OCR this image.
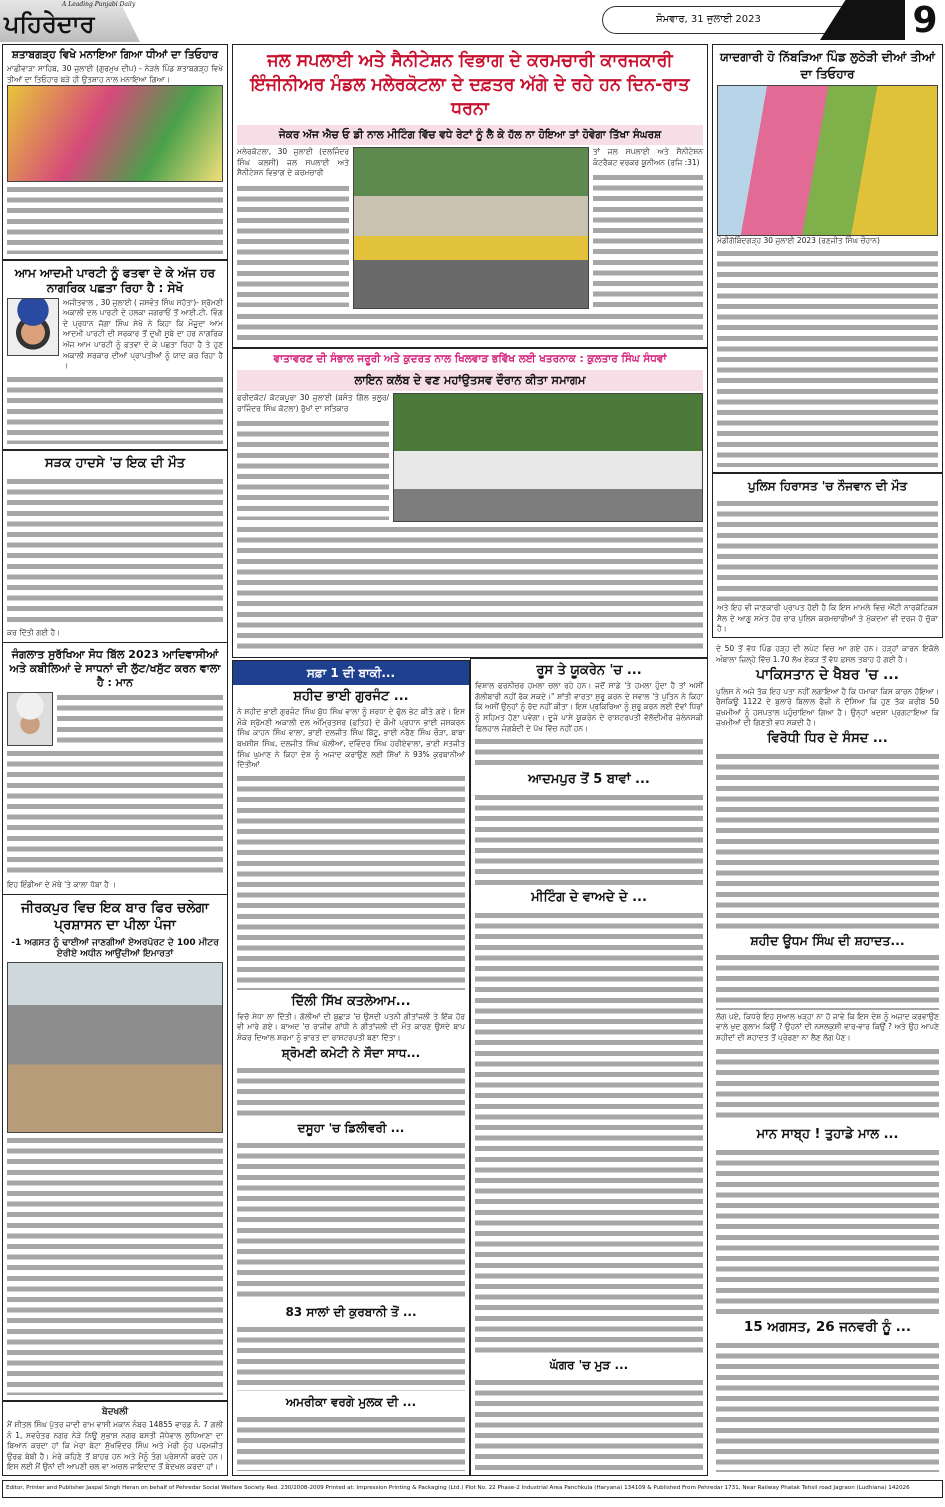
A Leading Punjabi Daily
ਪਹਿਰੇਦਾਰ	ਸੋਮਵਾਰ, 31 ਜੁਲਾਈ 2023	9
ਸ਼ਤਾਬਗੜ੍ਹ ਵਿਖੇ ਮਨਾਇਆ ਗਿਆ ਧੀਆਂ ਦਾ ਤਿਓਹਾਰ
ਮਾਛੀਵਾੜਾ ਸਾਹਿਬ, 30 ਜੁਲਾਈ (ਗੁਰਮੁਖ ਦੀਪ) - ਨੇੜਲੇ ਪਿੰਡ ਸ਼ਤਾਬਗੜ੍ਹ ਵਿਖੇ ਤੀਆਂ ਦਾ ਤਿਓਹਾਰ ਬੜੇ ਹੀ ਉਤਸ਼ਾਹ ਨਾਲ ਮਨਾਇਆ ਗਿਆ।
ਆਮ ਆਦਮੀ ਪਾਰਟੀ ਨੂੰ ਫਤਵਾ ਦੇ ਕੇ ਅੱਜ ਹਰ ਨਾਗਰਿਕ ਪਛਤਾ ਰਿਹਾ ਹੈ : ਸੇਖੋ
ਅਜੀਤਵਾਲ , 30 ਜੁਲਾਈ ( ਜਸਵੰਤ ਸਿੰਘ ਸਹੋਤਾ)- ਸ਼੍ਰੋਮਣੀ ਅਕਾਲੀ ਦਲ ਪਾਰਟੀ ਦੇ ਹਲਕਾ ਜਗਰਾਓਂ ਤੋਂ ਆਈ.ਟੀ. ਵਿੰਗ ਦੇ ਪ੍ਰਧਾਨ ਜੱਗਾ ਸਿੰਘ ਸੇਖੋ ਨੇ ਕਿਹਾ ਕਿ ਮੌਜੂਦਾ ਆਮ ਆਦਮੀ ਪਾਰਟੀ ਦੀ ਸਰਕਾਰ ਤੋਂ ਦੁਖੀ ਸੂਬੇ ਦਾ ਹਰ ਨਾਗਰਿਕ ਅੱਜ ਆਮ ਪਾਰਟੀ ਨੂੰ ਫਤਵਾ ਦੇ ਕੇ ਪਛਤਾ ਰਿਹਾ ਹੈ ਤੇ ਹੁਣ ਅਕਾਲੀ ਸਰਕਾਰ ਦੀਆਂ ਪ੍ਰਾਪਤੀਆਂ ਨੂੰ ਯਾਦ ਕਰ ਰਿਹਾ ਹੈ ।
ਸੜਕ ਹਾਦਸੇ 'ਚ ਇਕ ਦੀ ਮੌਤ
ਕਰ ਦਿੱਤੀ ਗਈ ਹੈ।
ਜੰਗਲਾਤ ਸੁਰੱਖਿਆ ਸੋਧ ਬਿੱਲ 2023 ਆਦਿਵਾਸੀਆਂ ਅਤੇ ਕਬੀਲਿਆਂ ਦੇ ਸਾਧਨਾਂ ਦੀ ਲੁੱਟ/ਖਸੁੱਟ ਕਰਨ ਵਾਲਾ ਹੈ : ਮਾਨ
ਇਹ ਇੰਡੀਆ ਦੇ ਮੱਥੇ 'ਤੇ ਕਾਲਾ ਧੱਬਾ ਹੈ ।
ਜੀਰਕਪੁਰ ਵਿਚ ਇਕ ਬਾਰ ਫਿਰ ਚਲੇਗਾ ਪ੍ਰਸ਼ਾਸਨ ਦਾ ਪੀਲਾ ਪੰਜਾ
-1 ਅਗਸਤ ਨੂੰ ਢਾਈਆਂ ਜਾਣਗੀਆਂ ਏਅਰਪੋਰਟ ਦੇ 100 ਮੀਟਰ ਏਰੀਏ ਅਧੀਨ ਆਉਂਦੀਆਂ ਇਮਾਰਤਾਂ
ਬੇਦਖਲੀ
ਮੈਂ ਸ਼ੀਤਲ ਸਿੰਘ ਪੁੱਤਰ ਜਾਦੀ ਰਾਮ ਵਾਸੀ ਮਕਾਨ ਨੰਬਰ 14855 ਵਾਰਡ ਨੰ. 7 ਗਲੀ ਨੰ 1, ਸਵਰੰਤਰ ਨਗਰ ਨੇੜੇ ਨਿਊ ਸੁਭਾਸ਼ ਨਗਰ ਬਸਤੀ ਜੋਧੇਵਾਲ ਲੁਧਿਆਣਾ ਦਾ ਬਿਆਨ ਕਰਦਾ ਹਾਂ ਕਿ ਮੇਰਾ ਬੇਟਾ ਸੁੱਖਵਿੰਦਰ ਸਿੰਘ ਅਤੇ ਮੇਰੀ ਨੂੰਹ ਪਰਮਜੀਤ ਉਰਫ ਬੇਬੀ ਹੈ। ਮੇਰੇ ਕਹਿਣੇ ਤੋਂ ਬਾਹਰ ਹਨ ਅਤੇ ਮੈਨੂੰ ਤੰਗ ਪ੍ਰੇਸ਼ਾਨੀ ਕਰਦੇ ਹਨ। ਇਸ ਲਈ ਮੈਂ ਉਨਾਂ ਦੀ ਆਪਣੀ ਚਲ ਵਾ ਅਚਲ ਜਾਇਦਾਦ ਤੋਂ ਬੇਦਖਲ ਕਰਦਾ ਹਾਂ।
ਜਲ ਸਪਲਾਈ ਅਤੇ ਸੈਨੀਟੇਸ਼ਨ ਵਿਭਾਗ ਦੇ ਕਰਮਚਾਰੀ ਕਾਰਜਕਾਰੀ ਇੰਜੀਨੀਅਰ ਮੰਡਲ ਮਲੇਰਕੋਟਲਾ ਦੇ ਦਫ਼ਤਰ ਅੱਗੇ ਦੇ ਰਹੇ ਹਨ ਦਿਨ-ਰਾਤ ਧਰਨਾ
ਜੇਕਰ ਅੱਜ ਐਚ ਓ ਡੀ ਨਾਲ ਮੀਟਿੰਗ ਵਿੱਚ ਵਧੇ ਰੇਟਾਂ ਨੂੰ ਲੈ ਕੇ ਹੱਲ ਨਾ ਹੋਇਆ ਤਾਂ ਹੋਵੇਗਾ ਤਿੱਖਾ ਸੰਘਰਸ਼
ਮਲੇਰਕੋਟਲਾ, 30 ਜੁਲਾਈ (ਦਲਜਿੰਦਰ ਸਿੰਘ ਕਲਸੀ) ਜਲ ਸਪਲਾਈ ਅਤੇ ਸੈਨੀਟੇਸ਼ਨ ਵਿਭਾਗ ਦੇ ਕਰਮਚਾਰੀ
ਤਾਂ ਜਲ ਸਪਲਾਈ ਅਤੇ ਸੈਨੀਟੇਸ਼ਨ ਕੰਟਰੈਕਟ ਵਰਕਰ ਯੂਨੀਅਨ (ਰਜਿ :31)
ਵਾਤਾਵਰਣ ਦੀ ਸੰਭਾਲ ਜਰੂਰੀ ਅਤੇ ਕੁਦਰਤ ਨਾਲ ਖਿਲਵਾੜ ਭਵਿੱਖ ਲਈ ਖਤਰਨਾਕ : ਕੁਲਤਾਰ ਸਿੰਘ ਸੰਧਵਾਂ
ਲਾਇਨ ਕਲੱਬ ਦੇ ਵਣ ਮਹਾਂਉਤਸਵ ਦੌਰਾਨ ਕੀਤਾ ਸਮਾਗਮ
ਫਰੀਦਕੋਟ/ ਕੋਟਕਪੂਰਾ 30 ਜੁਲਾਈ (ਬਸੰਤ ਗਿੱਲ ਭਲੂਰ/ਰਾਜਿੰਦਰ ਸਿੰਘ ਕੋਟਲਾ) ਰੁੱਖਾਂ ਦਾ ਸਤਿਕਾਰ
ਸਫ਼ਾ 1 ਦੀ ਬਾਕੀ...
ਸ਼ਹੀਦ ਭਾਈ ਗੁਰਜੰਟ ...
ਨੇ ਸ਼ਹੀਦ ਭਾਈ ਗੁਰਜੰਟ ਸਿੰਘ ਬੁੱਧ ਸਿੰਘ ਵਾਲਾ ਨੂੰ ਸ਼ਰਧਾ ਦੇ ਫੁੱਲ ਭੇਟ ਕੀਤੇ ਗਏ। ਇਸ ਮੌਕੇ ਸ਼੍ਰੋਮਣੀ ਅਕਾਲੀ ਦਲ ਅੰਮ੍ਰਿਤਸਰ (ਫਤਿਹ) ਦੇ ਕੌਮੀ ਪ੍ਰਧਾਨ ਭਾਈ ਜਸਕਰਨ ਸਿੰਘ ਕਾਹਨ ਸਿੰਘ ਵਾਲਾ, ਭਾਈ ਦਲਜੀਤ ਸਿੰਘ ਬਿੱਟੂ, ਭਾਈ ਨਰੈਣ ਸਿੰਘ ਚੌੜਾ, ਬਾਬਾ ਬਖਸ਼ੀਸ਼ ਸਿੰਘ, ਦਲਜੀਤ ਸਿੰਘ ਘੋਲੀਆ, ਦਵਿੰਦਰ ਸਿੰਘ ਹਰੀਏਵਾਲਾ, ਭਾਈ ਸਤਜੀਤ ਸਿੰਘ ਘੁਮਾਣ ਨੇ ਕਿਹਾ ਦੇਸ਼ ਨੂੰ ਅਜਾਦ ਕਰਾਉਣ ਲਈ ਸਿੱਖਾਂ ਨੇ 93% ਕੁਰਬਾਨੀਆਂ ਦਿੱਤੀਆਂ
ਦਿੱਲੀ ਸਿੱਖ ਕਤਲੇਆਮ...
ਵਿਚੋ ਸੇਧਾ ਲਾ ਦਿੱਤੀ। ਗੋਲੀਆਂ ਦੀ ਬੁਛਾੜ 'ਚ ਉਸਦੀ ਪਤਨੀ ਗੀਤਾਂਜਲੀ ਤੇ ਇੱਕ ਹੋਰ ਵੀ ਮਾਰੇ ਗਏ। ਬਾਅਦ 'ਚ ਰਾਜੀਵ ਗਾਂਧੀ ਨੇ ਗੀਤਾਂਜਲੀ ਦੀ ਮੌਤ ਕਾਰਣ ਉਸਦੇ ਬਾਪ ਸ਼ੰਕਰ ਦਿਆਲ ਸ਼ਰਮਾ ਨੂੰ ਭਾਰਤ ਦਾ ਰਾਸ਼ਟਰਪਤੀ ਬਣਾ ਦਿੱਤਾ।
ਸ਼੍ਰੋਮਣੀ ਕਮੇਟੀ ਨੇ ਸੌਦਾ ਸਾਧ...
ਦਸੂਹਾ 'ਚ ਡਿਲੀਵਰੀ ...
83 ਸਾਲਾਂ ਦੀ ਕੁਰਬਾਨੀ ਤੋਂ ...
ਅਮਰੀਕਾ ਵਰਗੇ ਮੁਲਕ ਦੀ ...
ਰੂਸ ਤੇ ਯੂਕਰੇਨ 'ਚ ...
ਵਿਸ਼ਾਲ ਫਰਨੀਚਰ ਹਮਲਾ ਚਲਾ ਰਹੇ ਹਨ। ਜਦੋਂ ਸਾਡੇ 'ਤੇ ਹਮਲਾ ਹੁੰਦਾ ਹੈ ਤਾਂ ਅਸੀਂ ਗੋਲੀਬਾਰੀ ਨਹੀਂ ਰੋਕ ਸਕਦੇ।" ਸ਼ਾਂਤੀ ਵਾਰਤਾ ਸ਼ੁਰੂ ਕਰਨ ਦੇ ਸਵਾਲ 'ਤੇ ਪੁਤਿਨ ਨੇ ਕਿਹਾ ਕਿ ਅਸੀਂ ਉਨ੍ਹਾਂ ਨੂੰ ਰੱਦ ਨਹੀਂ ਕੀਤਾ। ਇਸ ਪ੍ਰਕਿਰਿਆ ਨੂੰ ਸ਼ੁਰੂ ਕਰਨ ਲਈ ਦੋਵਾਂ ਧਿਰਾਂ ਨੂੰ ਸਹਿਮਤ ਹੋਣਾ ਪਵੇਗਾ। ਦੂਜੇ ਪਾਸੇ ਯੂਕਰੇਨ ਦੇ ਰਾਸ਼ਟਰਪਤੀ ਵੋਲੋਦੀਮੀਰ ਜ਼ੇਲੇਨਸਕੀ ਫਿਲਹਾਲ ਜੰਗਬੰਦੀ ਦੇ ਪੱਖ ਵਿੱਚ ਨਹੀਂ ਹਨ।
ਆਦਮਪੁਰ ਤੋਂ 5 ਬਾਵਾਂ ...
ਮੀਟਿੰਗ ਦੇ ਵਾਅਦੇ ਦੇ ...
ਘੱਗਰ 'ਚ ਮੁੜ ...
ਯਾਦਗਾਰੀ ਹੋ ਨਿੱਬੜਿਆ ਪਿੰਡ ਲੁਠੇੜੀ ਦੀਆਂ ਤੀਆਂ ਦਾ ਤਿਓਹਾਰ
ਮੰਡੀਗੋਬਿੰਦਗੜ੍ਹ 30 ਜੁਲਾਈ 2023 (ਰਣਜੀਤ ਸਿੰਘ ਚੌਹਾਨ)
ਪੁਲਿਸ ਹਿਰਾਸਤ 'ਚ ਨੌਜਵਾਨ ਦੀ ਮੌਤ
ਅਤੇ ਇਹ ਵੀ ਜਾਣਕਾਰੀ ਪ੍ਰਾਪਤ ਹੋਈ ਹੈ ਕਿ ਇਸ ਮਾਮਲੇ ਵਿਚ ਐਂਟੀ ਨਾਰਕੋਟਿਕਸ ਸੈਲ ਦੇ ਆਗੂ ਸਮੇਤ ਹੋਰ ਚਾਰ ਪੁਲਿਸ ਕਰਮਚਾਰੀਆਂ ਤੇ ਮੁੱਕਦਮਾ ਵੀ ਦਰਜ ਹੋ ਚੁੱਕਾ ਹੈ।
ਦੇ 50 ਤੋਂ ਵੱਧ ਪਿੰਡ ਹੜ੍ਹ ਦੀ ਲਪੇਟ ਵਿਚ ਆ ਗਏ ਹਨ। ਹੜ੍ਹਾਂ ਕਾਰਨ ਇਕੱਲੇ ਅੰਬਾਲਾ ਜ਼ਿਲ੍ਹੇ ਵਿੱਚ 1.70 ਲੱਖ ਏਕੜ ਤੋਂ ਵੱਧ ਫ਼ਸਲ ਤਬਾਹ ਹੋ ਗਈ ਹੈ।
ਪਾਕਿਸਤਾਨ ਦੇ ਖੈਬਰ 'ਚ ...
ਪੁਲਿਸ ਨੇ ਅਜੇ ਤੱਕ ਇਹ ਪਤਾ ਨਹੀਂ ਲਗਾਇਆ ਹੈ ਕਿ ਧਮਾਕਾ ਕਿਸ ਕਾਰਨ ਹੋਇਆ। ਰੈਸਕਿਊ 1122 ਦੇ ਬੁਲਾਰੇ ਬਿਲਾਲ ਫੈਜ਼ੀ ਨੇ ਦੱਸਿਆ ਕਿ ਹੁਣ ਤੱਕ ਕਰੀਬ 50 ਜ਼ਖਮੀਆਂ ਨੂੰ ਹਸਪਤਾਲ ਪਹੁੰਚਾਇਆ ਗਿਆ ਹੈ। ਉਨ੍ਹਾਂ ਖਦਸ਼ਾ ਪ੍ਰਗਟਾਇਆ ਕਿ ਜ਼ਖਮੀਆਂ ਦੀ ਗਿਣਤੀ ਵਧ ਸਕਦੀ ਹੈ।
ਵਿਰੋਧੀ ਧਿਰ ਦੇ ਸੰਸਦ ...
ਸ਼ਹੀਦ ਊਧਮ ਸਿੰਘ ਦੀ ਸ਼ਹਾਦਤ...
ਲੱਗ ਪਏ, ਕਿਧਰੇ ਇਹ ਸੁਆਲ ਖੜ੍ਹਾ ਨਾ ਹੋ ਜਾਵੇ ਕਿ ਇਸ ਦੇਸ਼ ਨੂੰ ਅਜ਼ਾਦ ਕਰਵਾਉਣ ਵਾਲੇ ਖੁਦ ਗੁਲਾਮ ਕਿਉਂ ? ਉਹਨਾਂ ਦੀ ਨਸਲਕੁਸ਼ੀ ਵਾਰ-ਵਾਰ ਕਿਉਂ ? ਅਤੇ ਉਹ ਆਪਣੇ ਸ਼ਹੀਦਾਂ ਦੀ ਸ਼ਹਾਦਤ ਤੋਂ ਪ੍ਰੇਰਣਾ ਨਾ ਲੈਣ ਲੱਗ ਪੈਣ।
ਮਾਨ ਸਾਬ੍ਹ ! ਤੁਹਾਡੇ ਮਾਲ ...
15 ਅਗਸਤ, 26 ਜਨਵਰੀ ਨੂੰ ...
Editor, Printer and Publisher Jaspal Singh Heran on behalf of Pehredar Social Welfare Society Red. 230/2008-2009 Printed at: Impression Printing & Packaging (Ltd.) Plot No. 22 Phase-2 Industrial Area Panchkula (Haryana) 134109 & Published From Pehredar 1731, Near Railway Phatak Tehsil road Jagraon (Ludhiana) 142026
